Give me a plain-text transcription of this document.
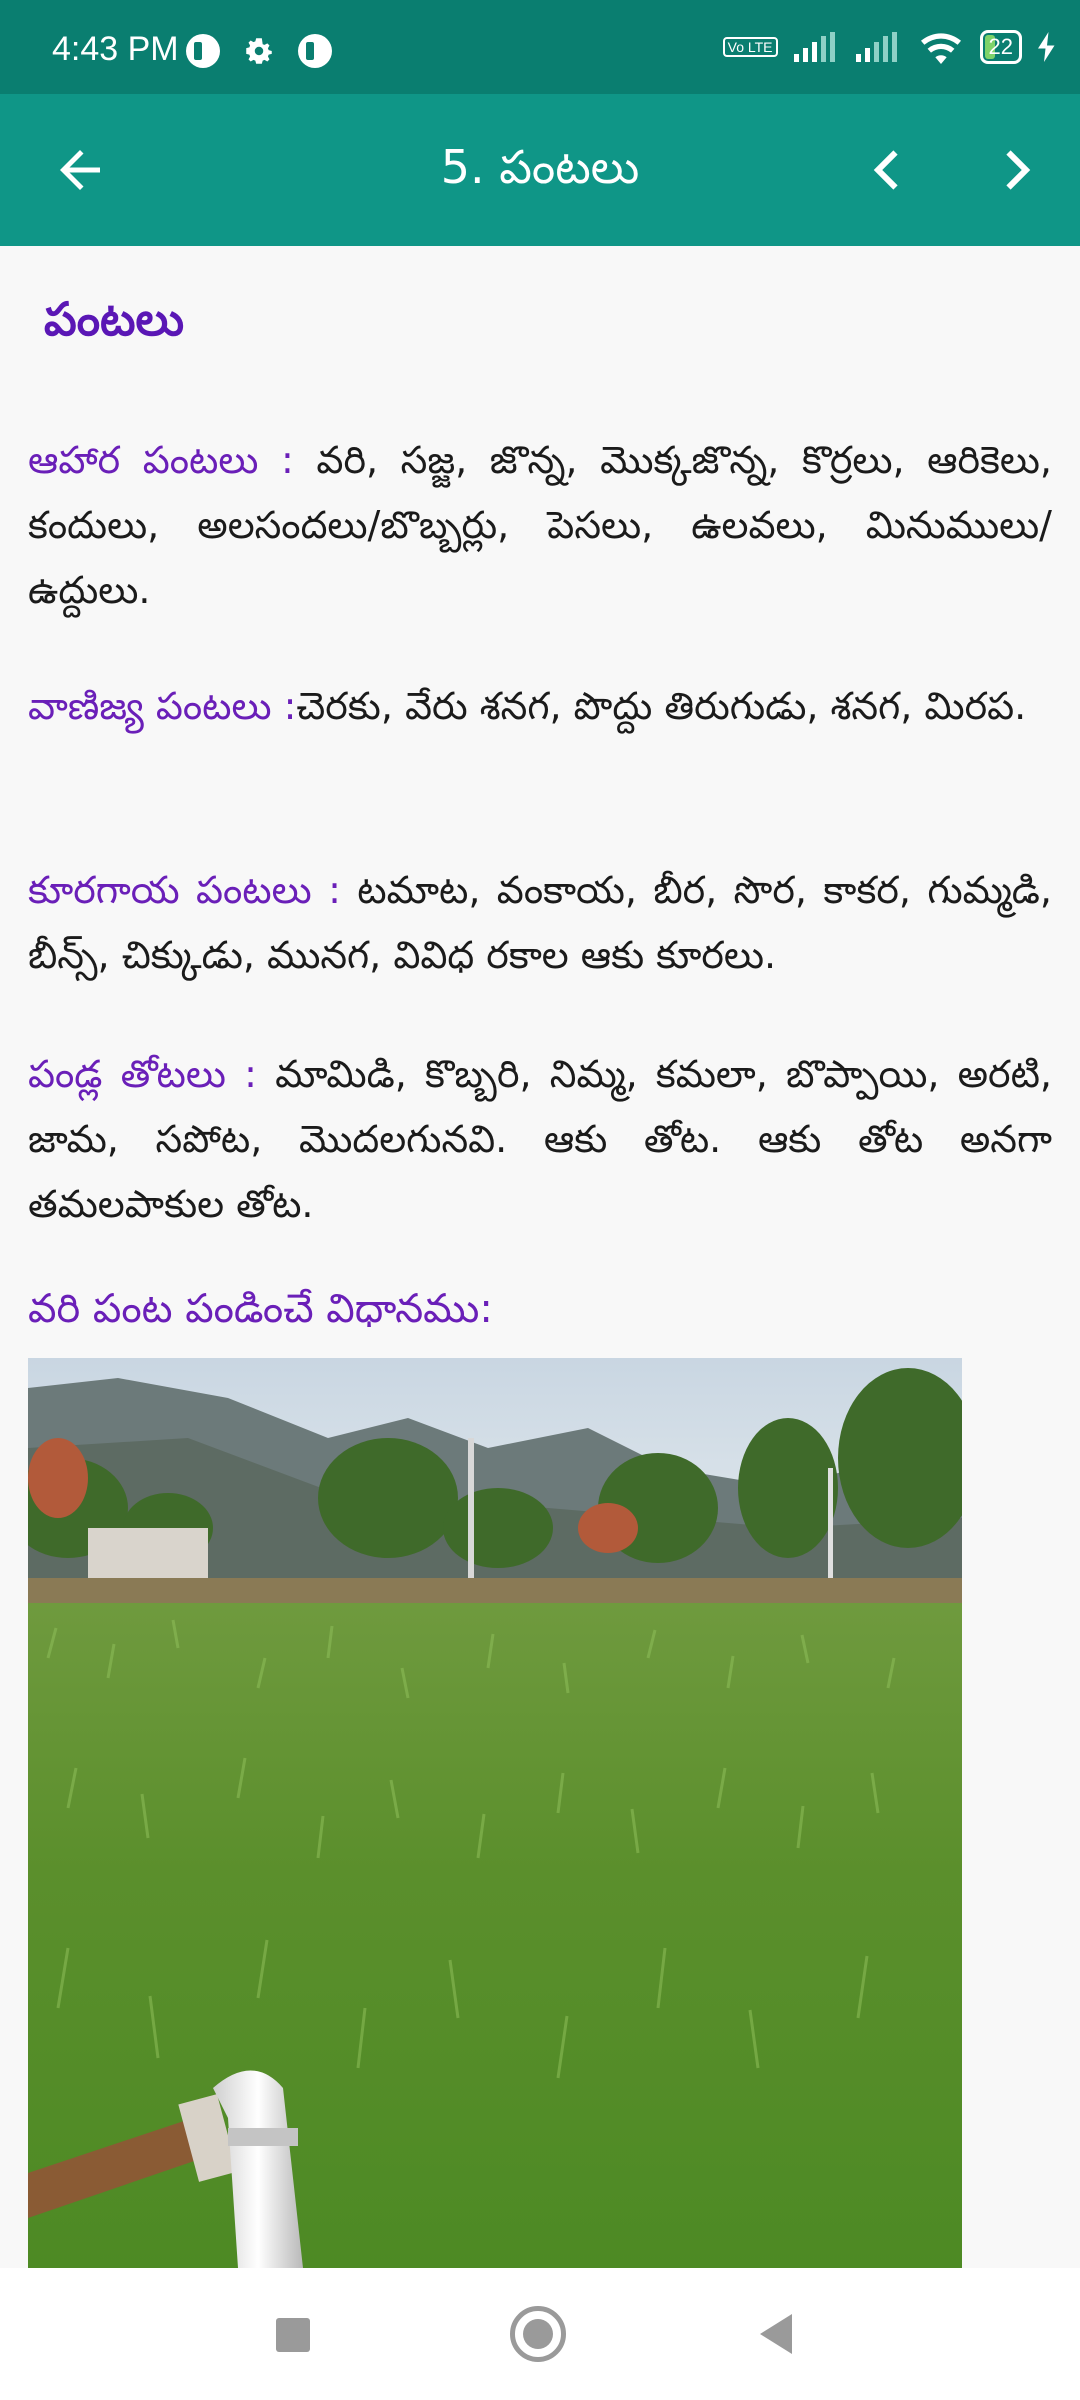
4:43 PM	Vo LTE	22
5. పంటలు
పంటలు
ఆహార పంటలు : వరి, సజ్జ, జొన్న, మొక్కజొన్న, కొర్రలు, ఆరికెలు, కందులు, అలసందలు/బొబ్బర్లు, పెసలు, ఉలవలు, మినుములు/ఉద్దులు.
వాణిజ్య పంటలు :చెరకు, వేరు శనగ, పొద్దు తిరుగుడు, శనగ, మిరప.
కూరగాయ పంటలు : టమాట, వంకాయ, బీర, సొర, కాకర, గుమ్మడి, బీన్స్, చిక్కుడు, మునగ, వివిధ రకాల ఆకు కూరలు.
పండ్ల తోటలు : మామిడి, కొబ్బరి, నిమ్మ, కమలా, బొప్పాయి, అరటి, జామ, సపోట, మొదలగునవి. ఆకు తోట. ఆకు తోట అనగా తమలపాకుల తోట.
వరి పంట పండించే విధానము:
